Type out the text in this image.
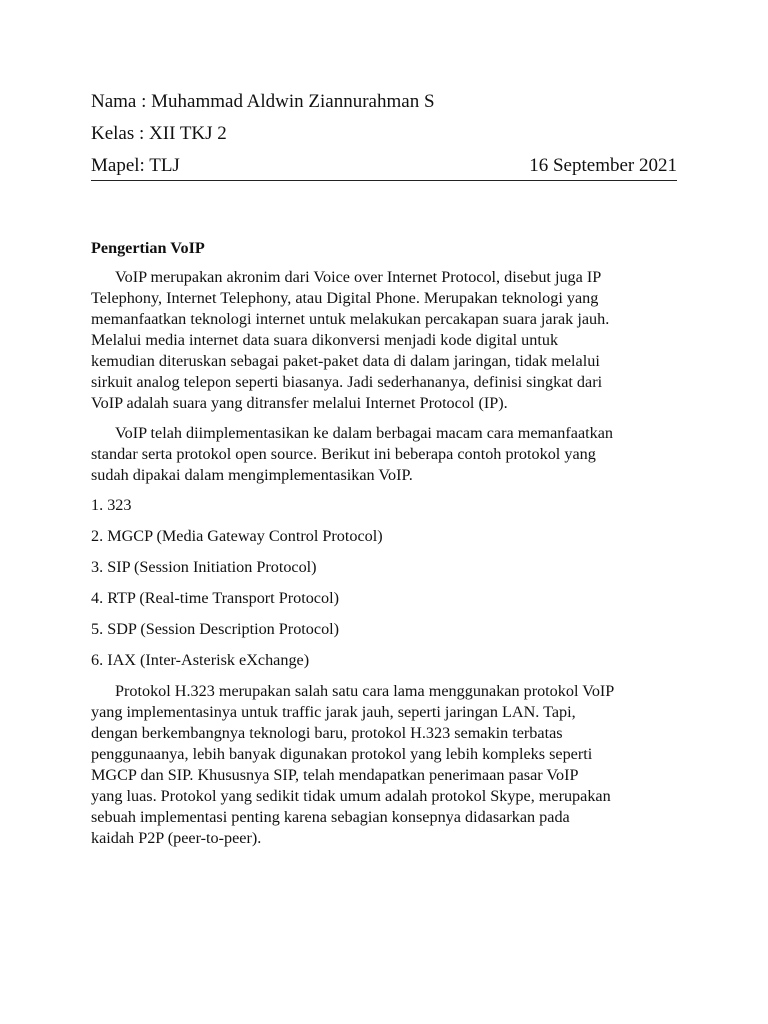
Nama : Muhammad Aldwin Ziannurahman S
Kelas : XII TKJ 2
Mapel: TLJ	16 September 2021
Pengertian VoIP
VoIP merupakan akronim dari Voice over Internet Protocol, disebut juga IP
Telephony, Internet Telephony, atau Digital Phone. Merupakan teknologi yang
memanfaatkan teknologi internet untuk melakukan percakapan suara jarak jauh.
Melalui media internet data suara dikonversi menjadi kode digital untuk
kemudian diteruskan sebagai paket-paket data di dalam jaringan, tidak melalui
sirkuit analog telepon seperti biasanya. Jadi sederhananya, definisi singkat dari
VoIP adalah suara yang ditransfer melalui Internet Protocol (IP).
VoIP telah diimplementasikan ke dalam berbagai macam cara memanfaatkan
standar serta protokol open source. Berikut ini beberapa contoh protokol yang
sudah dipakai dalam mengimplementasikan VoIP.
1. 323
2. MGCP (Media Gateway Control Protocol)
3. SIP (Session Initiation Protocol)
4. RTP (Real-time Transport Protocol)
5. SDP (Session Description Protocol)
6. IAX (Inter-Asterisk eXchange)
Protokol H.323 merupakan salah satu cara lama menggunakan protokol VoIP
yang implementasinya untuk traffic jarak jauh, seperti jaringan LAN. Tapi,
dengan berkembangnya teknologi baru, protokol H.323 semakin terbatas
penggunaanya, lebih banyak digunakan protokol yang lebih kompleks seperti
MGCP dan SIP. Khususnya SIP, telah mendapatkan penerimaan pasar VoIP
yang luas. Protokol yang sedikit tidak umum adalah protokol Skype, merupakan
sebuah implementasi penting karena sebagian konsepnya didasarkan pada
kaidah P2P (peer-to-peer).
